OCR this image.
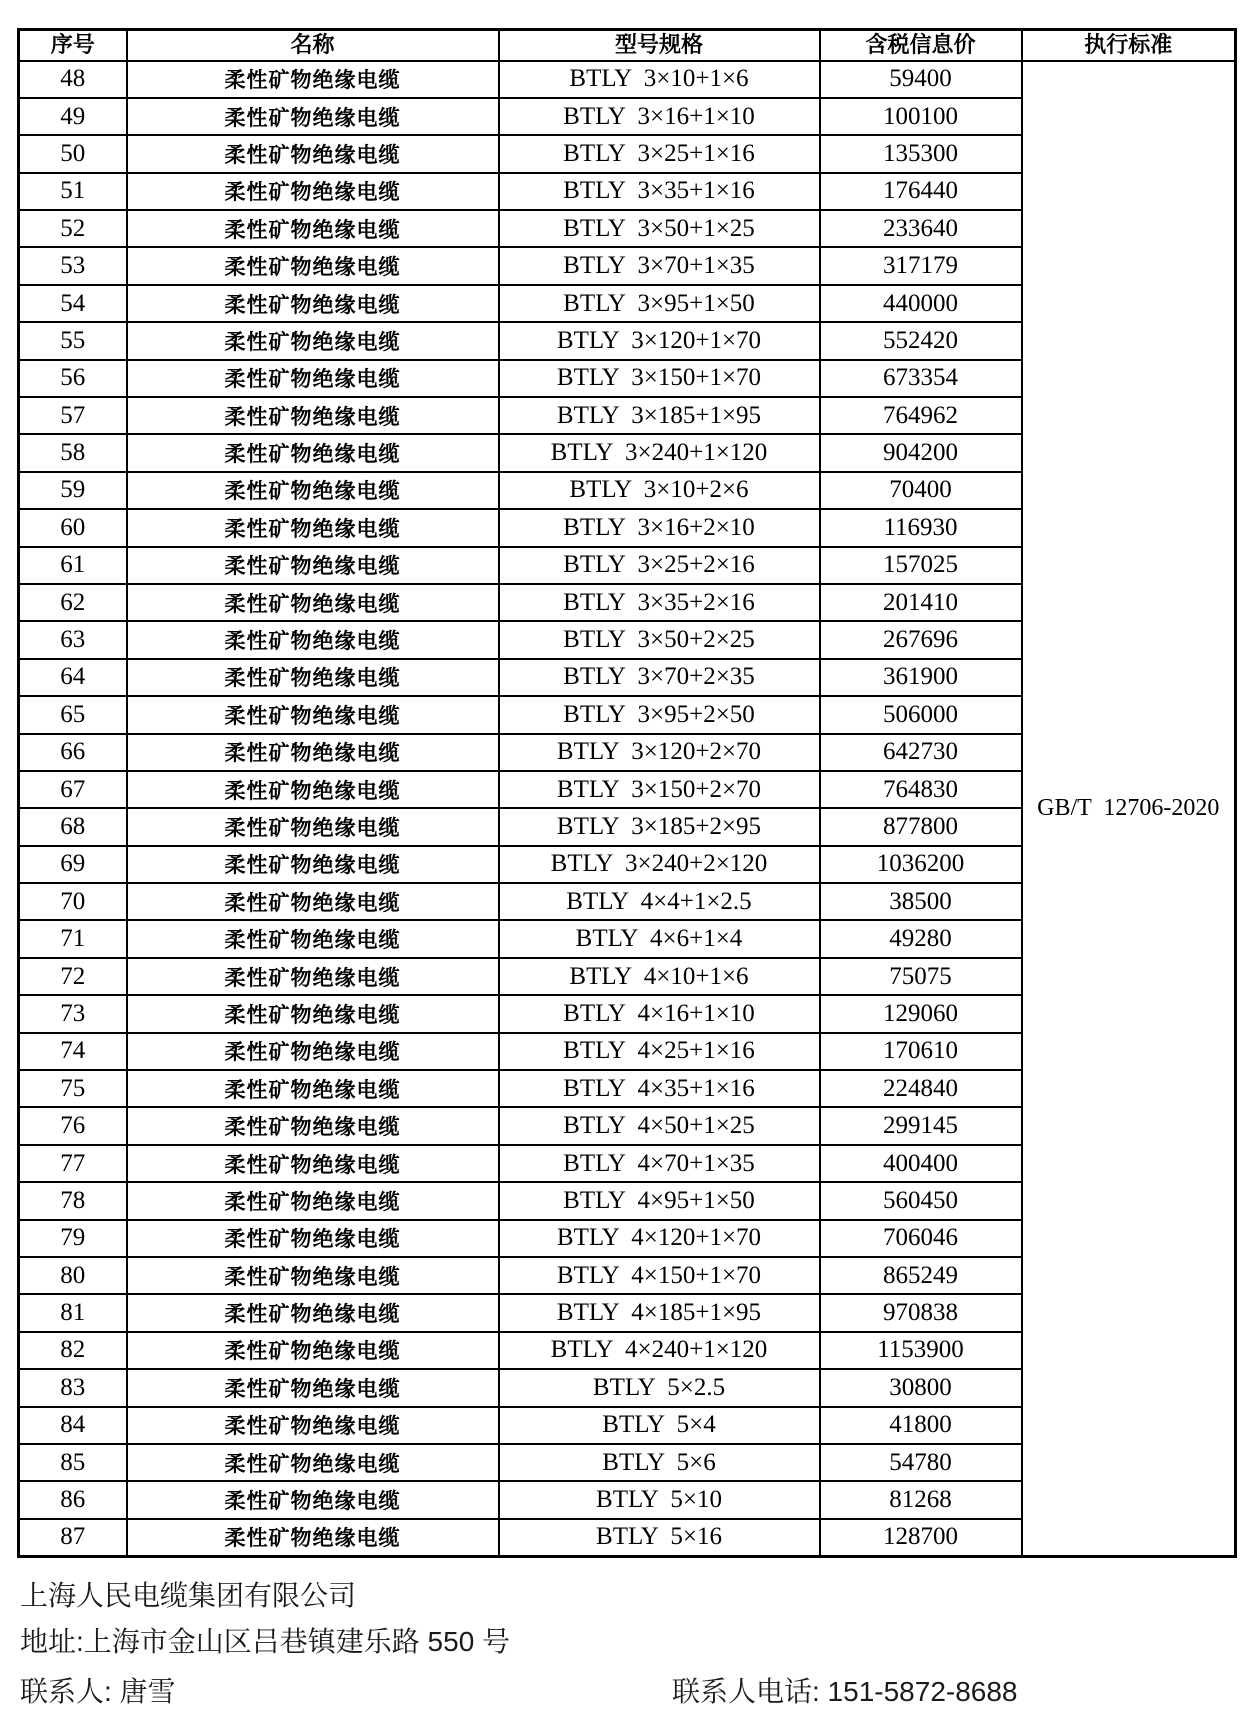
序号	名称	型号规格	含税信息价	执行标准
48	柔性矿物绝缘电缆	BTLY  3×10+1×6	59400	GB/T  12706-2020
49	柔性矿物绝缘电缆	BTLY  3×16+1×10	100100	
50	柔性矿物绝缘电缆	BTLY  3×25+1×16	135300	
51	柔性矿物绝缘电缆	BTLY  3×35+1×16	176440	
52	柔性矿物绝缘电缆	BTLY  3×50+1×25	233640	
53	柔性矿物绝缘电缆	BTLY  3×70+1×35	317179	
54	柔性矿物绝缘电缆	BTLY  3×95+1×50	440000	
55	柔性矿物绝缘电缆	BTLY  3×120+1×70	552420	
56	柔性矿物绝缘电缆	BTLY  3×150+1×70	673354	
57	柔性矿物绝缘电缆	BTLY  3×185+1×95	764962	
58	柔性矿物绝缘电缆	BTLY  3×240+1×120	904200	
59	柔性矿物绝缘电缆	BTLY  3×10+2×6	70400	
60	柔性矿物绝缘电缆	BTLY  3×16+2×10	116930	
61	柔性矿物绝缘电缆	BTLY  3×25+2×16	157025	
62	柔性矿物绝缘电缆	BTLY  3×35+2×16	201410	
63	柔性矿物绝缘电缆	BTLY  3×50+2×25	267696	
64	柔性矿物绝缘电缆	BTLY  3×70+2×35	361900	
65	柔性矿物绝缘电缆	BTLY  3×95+2×50	506000	
66	柔性矿物绝缘电缆	BTLY  3×120+2×70	642730	
67	柔性矿物绝缘电缆	BTLY  3×150+2×70	764830	
68	柔性矿物绝缘电缆	BTLY  3×185+2×95	877800	
69	柔性矿物绝缘电缆	BTLY  3×240+2×120	1036200	
70	柔性矿物绝缘电缆	BTLY  4×4+1×2.5	38500	
71	柔性矿物绝缘电缆	BTLY  4×6+1×4	49280	
72	柔性矿物绝缘电缆	BTLY  4×10+1×6	75075	
73	柔性矿物绝缘电缆	BTLY  4×16+1×10	129060	
74	柔性矿物绝缘电缆	BTLY  4×25+1×16	170610	
75	柔性矿物绝缘电缆	BTLY  4×35+1×16	224840	
76	柔性矿物绝缘电缆	BTLY  4×50+1×25	299145	
77	柔性矿物绝缘电缆	BTLY  4×70+1×35	400400	
78	柔性矿物绝缘电缆	BTLY  4×95+1×50	560450	
79	柔性矿物绝缘电缆	BTLY  4×120+1×70	706046	
80	柔性矿物绝缘电缆	BTLY  4×150+1×70	865249	
81	柔性矿物绝缘电缆	BTLY  4×185+1×95	970838	
82	柔性矿物绝缘电缆	BTLY  4×240+1×120	1153900	
83	柔性矿物绝缘电缆	BTLY  5×2.5	30800	
84	柔性矿物绝缘电缆	BTLY  5×4	41800	
85	柔性矿物绝缘电缆	BTLY  5×6	54780	
86	柔性矿物绝缘电缆	BTLY  5×10	81268	
87	柔性矿物绝缘电缆	BTLY  5×16	128700	
上海人民电缆集团有限公司
地址:上海市金山区吕巷镇建乐路 550 号
联系人: 唐雪	联系人电话: 151-5872-8688
